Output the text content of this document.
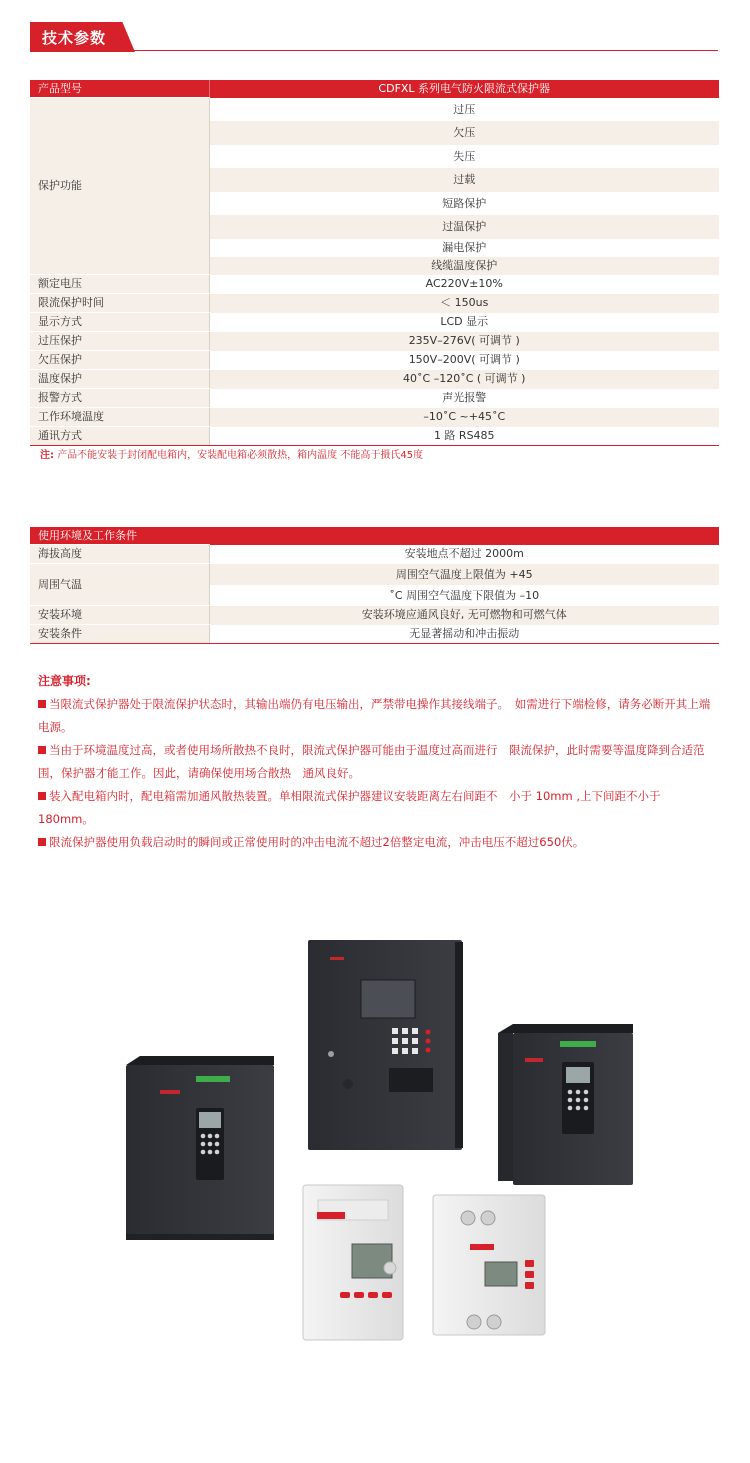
技术参数
产品型号	CDFXL 系列电气防火限流式保护器
保护功能	过压
	欠压
	失压
	过载
	短路保护
	过温保护
	漏电保护
	线缆温度保护
额定电压	AC220V±10%
限流保护时间	＜ 150us
显示方式	LCD 显示
过压保护	235V–276V( 可调节 )
欠压保护	150V–200V( 可调节 )
温度保护	40˚C –120˚C ( 可调节 )
报警方式	声光报警
工作环境温度	–10˚C ~+45˚C
通讯方式	1 路 RS485
注: 产品不能安装于封闭配电箱内，安装配电箱必须散热，箱内温度 不能高于摄氏45度
使用环境及工作条件	
海拔高度	安装地点不超过 2000m
周围气温	周围空气温度上限值为 +45
	˚C 周围空气温度下限值为 –10
安装环境	安装环境应通风良好, 无可燃物和可燃气体
安装条件	无显著摇动和冲击振动

注意事项:

当限流式保护器处于限流保护状态时，其输出端仍有电压输出，严禁带电操作其接线端子。　如需进行下端检修，请务必断开其上端电源。

当由于环境温度过高，或者使用场所散热不良时，限流式保护器可能由于温度过高而进行　限流保护，此时需要等温度降到合适范围，保护器才能工作。因此，请确保使用场合散热　通风良好。

装入配电箱内时，配电箱需加通风散热装置。单相限流式保护器建议安装距离左右间距不　小于 10mm ,上下间距不小于 180mm。

限流保护器使用负载启动时的瞬间或正常使用时的冲击电流不超过2倍整定电流，冲击电压不超过650伏。
